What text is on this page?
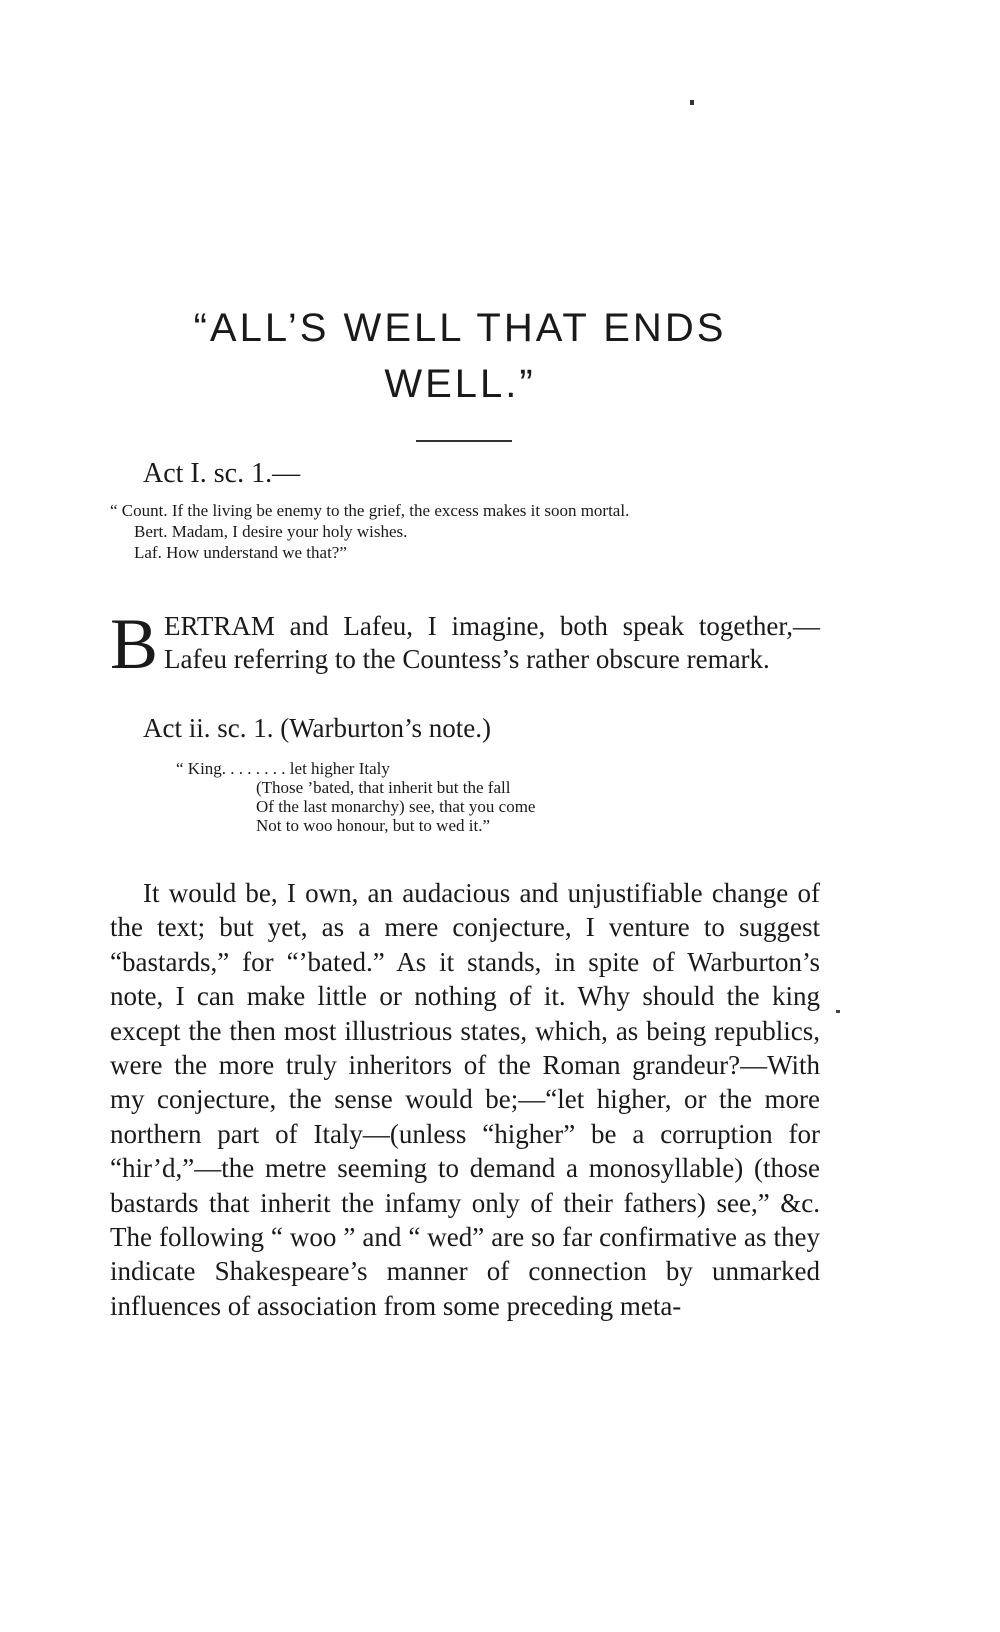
“ALL’S WELL THAT ENDS
WELL.”
Act I. sc. 1.—
“ Count. If the living be enemy to the grief, the excess makes it soon mortal.
Bert. Madam, I desire your holy wishes.
Laf. How understand we that?”
B ERTRAM and Lafeu, I imagine, both speak together,—Lafeu referring to the Countess’s rather obscure remark.
Act ii. sc. 1. (Warburton’s note.)
“ King. . . . . . . . let higher Italy
(Those ’bated, that inherit but the fall
Of the last monarchy) see, that you come
Not to woo honour, but to wed it.”
It would be, I own, an audacious and unjustifiable change of the text; but yet, as a mere conjecture, I venture to suggest “bastards,” for “’bated.” As it stands, in spite of Warburton’s note, I can make little or nothing of it. Why should the king except the then most illustrious states, which, as being republics, were the more truly inheritors of the Roman grandeur?—With my conjecture, the sense would be;—“let higher, or the more northern part of Italy—(unless “higher” be a corruption for “hir’d,”—the metre seeming to demand a monosyllable) (those bastards that inherit the infamy only of their fathers) see,” &c. The following “ woo ” and “ wed” are so far confirmative as they indicate Shakespeare’s manner of connection by unmarked influences of association from some preceding meta-
